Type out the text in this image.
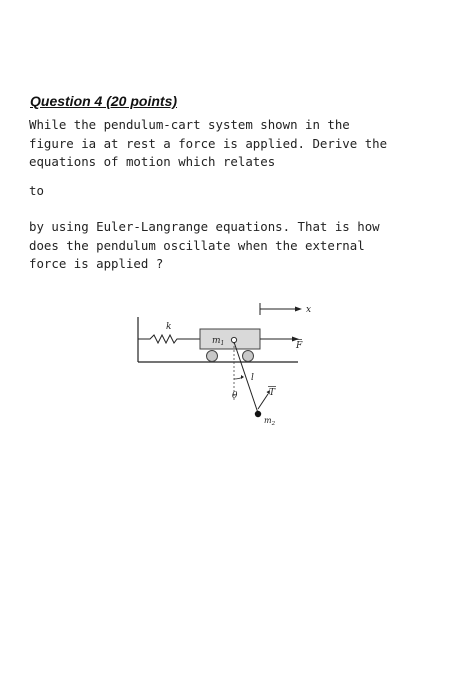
Question 4 (20 points)
While the pendulum-cart system shown in the
figure ia at rest a force is applied. Derive the
equations of motion which relates
to
by using Euler-Langrange equations. That is how
does the pendulum oscillate when the external
force is applied ?
k
$m_1$	F
x
θ
l
T
$m_2$
